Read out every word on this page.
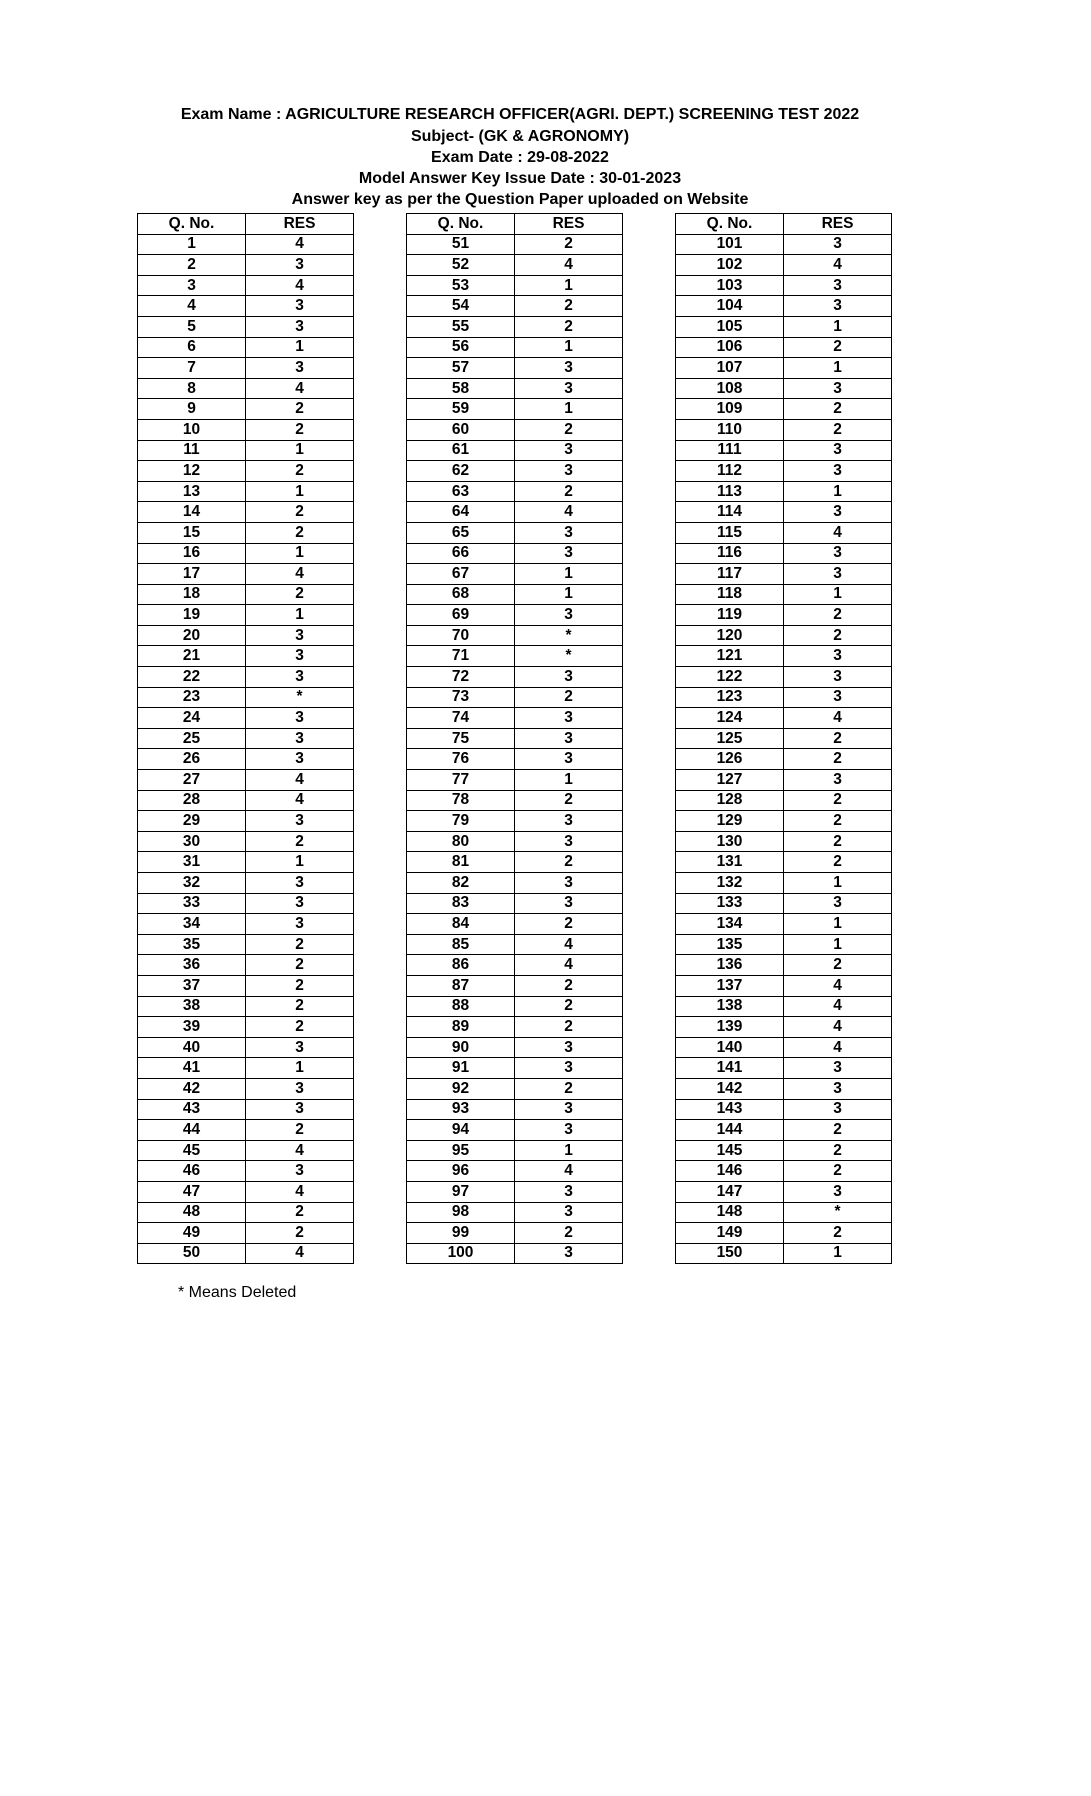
Exam Name : AGRICULTURE RESEARCH OFFICER(AGRI. DEPT.) SCREENING TEST 2022
Subject- (GK & AGRONOMY)
Exam Date : 29-08-2022
Model Answer Key Issue Date : 30-01-2023
Answer key as per the Question Paper uploaded on Website
Q. No.	RES
1	4
2	3
3	4
4	3
5	3
6	1
7	3
8	4
9	2
10	2
11	1
12	2
13	1
14	2
15	2
16	1
17	4
18	2
19	1
20	3
21	3
22	3
23	*
24	3
25	3
26	3
27	4
28	4
29	3
30	2
31	1
32	3
33	3
34	3
35	2
36	2
37	2
38	2
39	2
40	3
41	1
42	3
43	3
44	2
45	4
46	3
47	4
48	2
49	2
50	4
Q. No.	RES
51	2
52	4
53	1
54	2
55	2
56	1
57	3
58	3
59	1
60	2
61	3
62	3
63	2
64	4
65	3
66	3
67	1
68	1
69	3
70	*
71	*
72	3
73	2
74	3
75	3
76	3
77	1
78	2
79	3
80	3
81	2
82	3
83	3
84	2
85	4
86	4
87	2
88	2
89	2
90	3
91	3
92	2
93	3
94	3
95	1
96	4
97	3
98	3
99	2
100	3
Q. No.	RES
101	3
102	4
103	3
104	3
105	1
106	2
107	1
108	3
109	2
110	2
111	3
112	3
113	1
114	3
115	4
116	3
117	3
118	1
119	2
120	2
121	3
122	3
123	3
124	4
125	2
126	2
127	3
128	2
129	2
130	2
131	2
132	1
133	3
134	1
135	1
136	2
137	4
138	4
139	4
140	4
141	3
142	3
143	3
144	2
145	2
146	2
147	3
148	*
149	2
150	1
* Means Deleted
